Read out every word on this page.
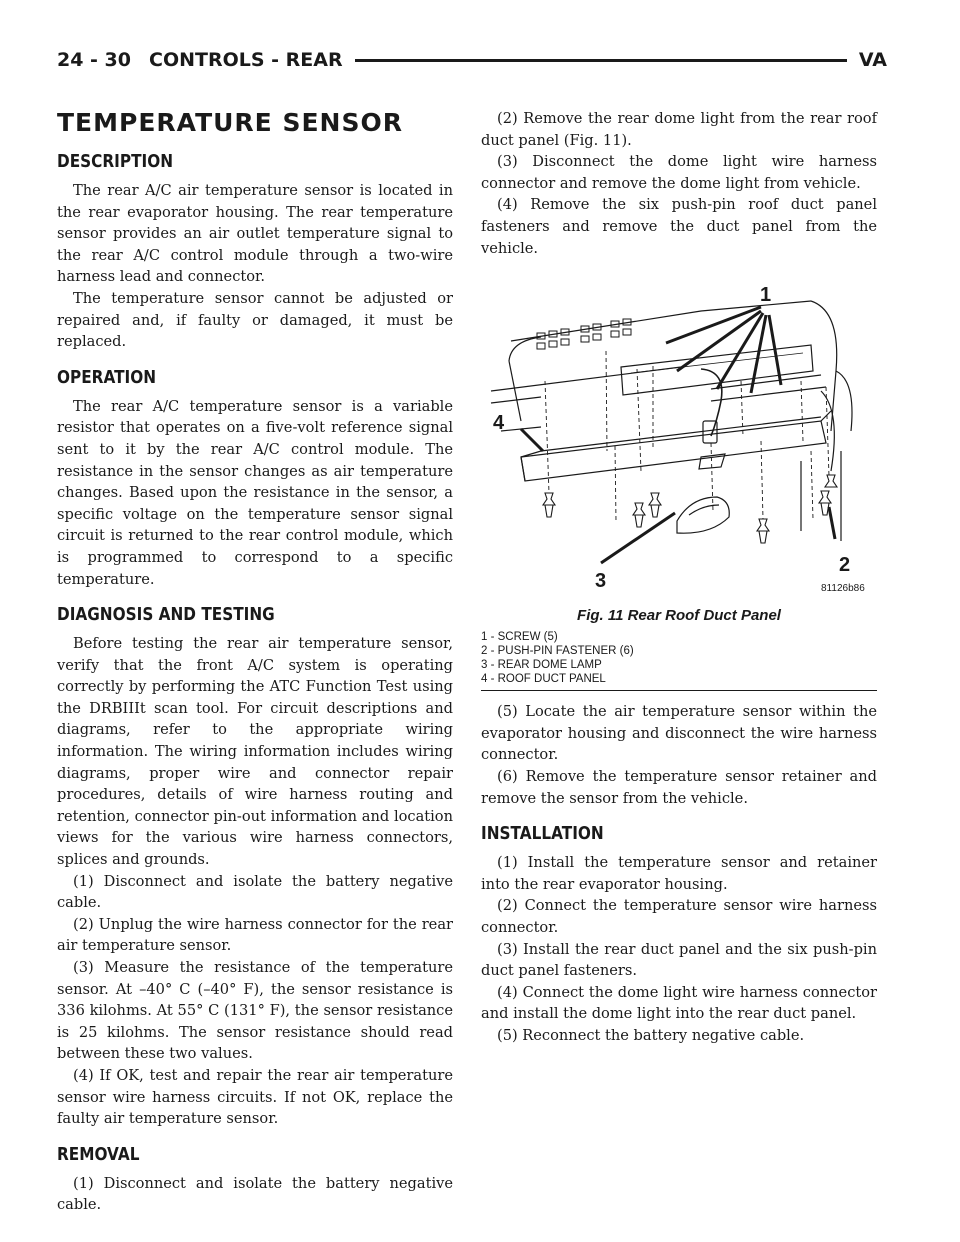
24 - 30 CONTROLS - REAR	VA
TEMPERATURE SENSOR
DESCRIPTION

The rear A/C air temperature sensor is located in the rear evaporator housing. The rear temperature sensor provides an air outlet temperature signal to the rear A/C control module through a two-wire harness lead and connector.

The temperature sensor cannot be adjusted or repaired and, if faulty or damaged, it must be replaced.

OPERATION

The rear A/C temperature sensor is a variable resistor that operates on a five-volt reference signal sent to it by the rear A/C control module. The resistance in the sensor changes as air temperature changes. Based upon the resistance in the sensor, a specific voltage on the temperature sensor signal circuit is returned to the rear control module, which is programmed to correspond to a specific temperature.

DIAGNOSIS AND TESTING

Before testing the rear air temperature sensor, verify that the front A/C system is operating correctly by performing the ATC Function Test using the DRBIIIt scan tool. For circuit descriptions and diagrams, refer to the appropriate wiring information. The wiring information includes wiring diagrams, proper wire and connector repair procedures, details of wire harness routing and retention, connector pin-out information and location views for the various wire harness connectors, splices and grounds.

(1) Disconnect and isolate the battery negative cable.

(2) Unplug the wire harness connector for the rear air temperature sensor.

(3) Measure the resistance of the temperature sensor. At –40° C (–40° F), the sensor resistance is 336 kilohms. At 55° C (131° F), the sensor resistance is 25 kilohms. The sensor resistance should read between these two values.

(4) If OK, test and repair the rear air temperature sensor wire harness circuits. If not OK, replace the faulty air temperature sensor.

REMOVAL

(1) Disconnect and isolate the battery negative cable.

(2) Remove the rear dome light from the rear roof duct panel (Fig. 11).

(3) Disconnect the dome light wire harness connector and remove the dome light from vehicle.

(4) Remove the six push-pin roof duct panel fasteners and remove the duct panel from the vehicle.

1
2
3
4
81126b86
Fig. 11 Rear Roof Duct Panel
1 - SCREW (5)
2 - PUSH-PIN FASTENER (6)
3 - REAR DOME LAMP
4 - ROOF DUCT PANEL

(5) Locate the air temperature sensor within the evaporator housing and disconnect the wire harness connector.

(6) Remove the temperature sensor retainer and remove the sensor from the vehicle.

INSTALLATION

(1) Install the temperature sensor and retainer into the rear evaporator housing.

(2) Connect the temperature sensor wire harness connector.

(3) Install the rear duct panel and the six push-pin duct panel fasteners.

(4) Connect the dome light wire harness connector and install the dome light into the rear duct panel.

(5) Reconnect the battery negative cable.
